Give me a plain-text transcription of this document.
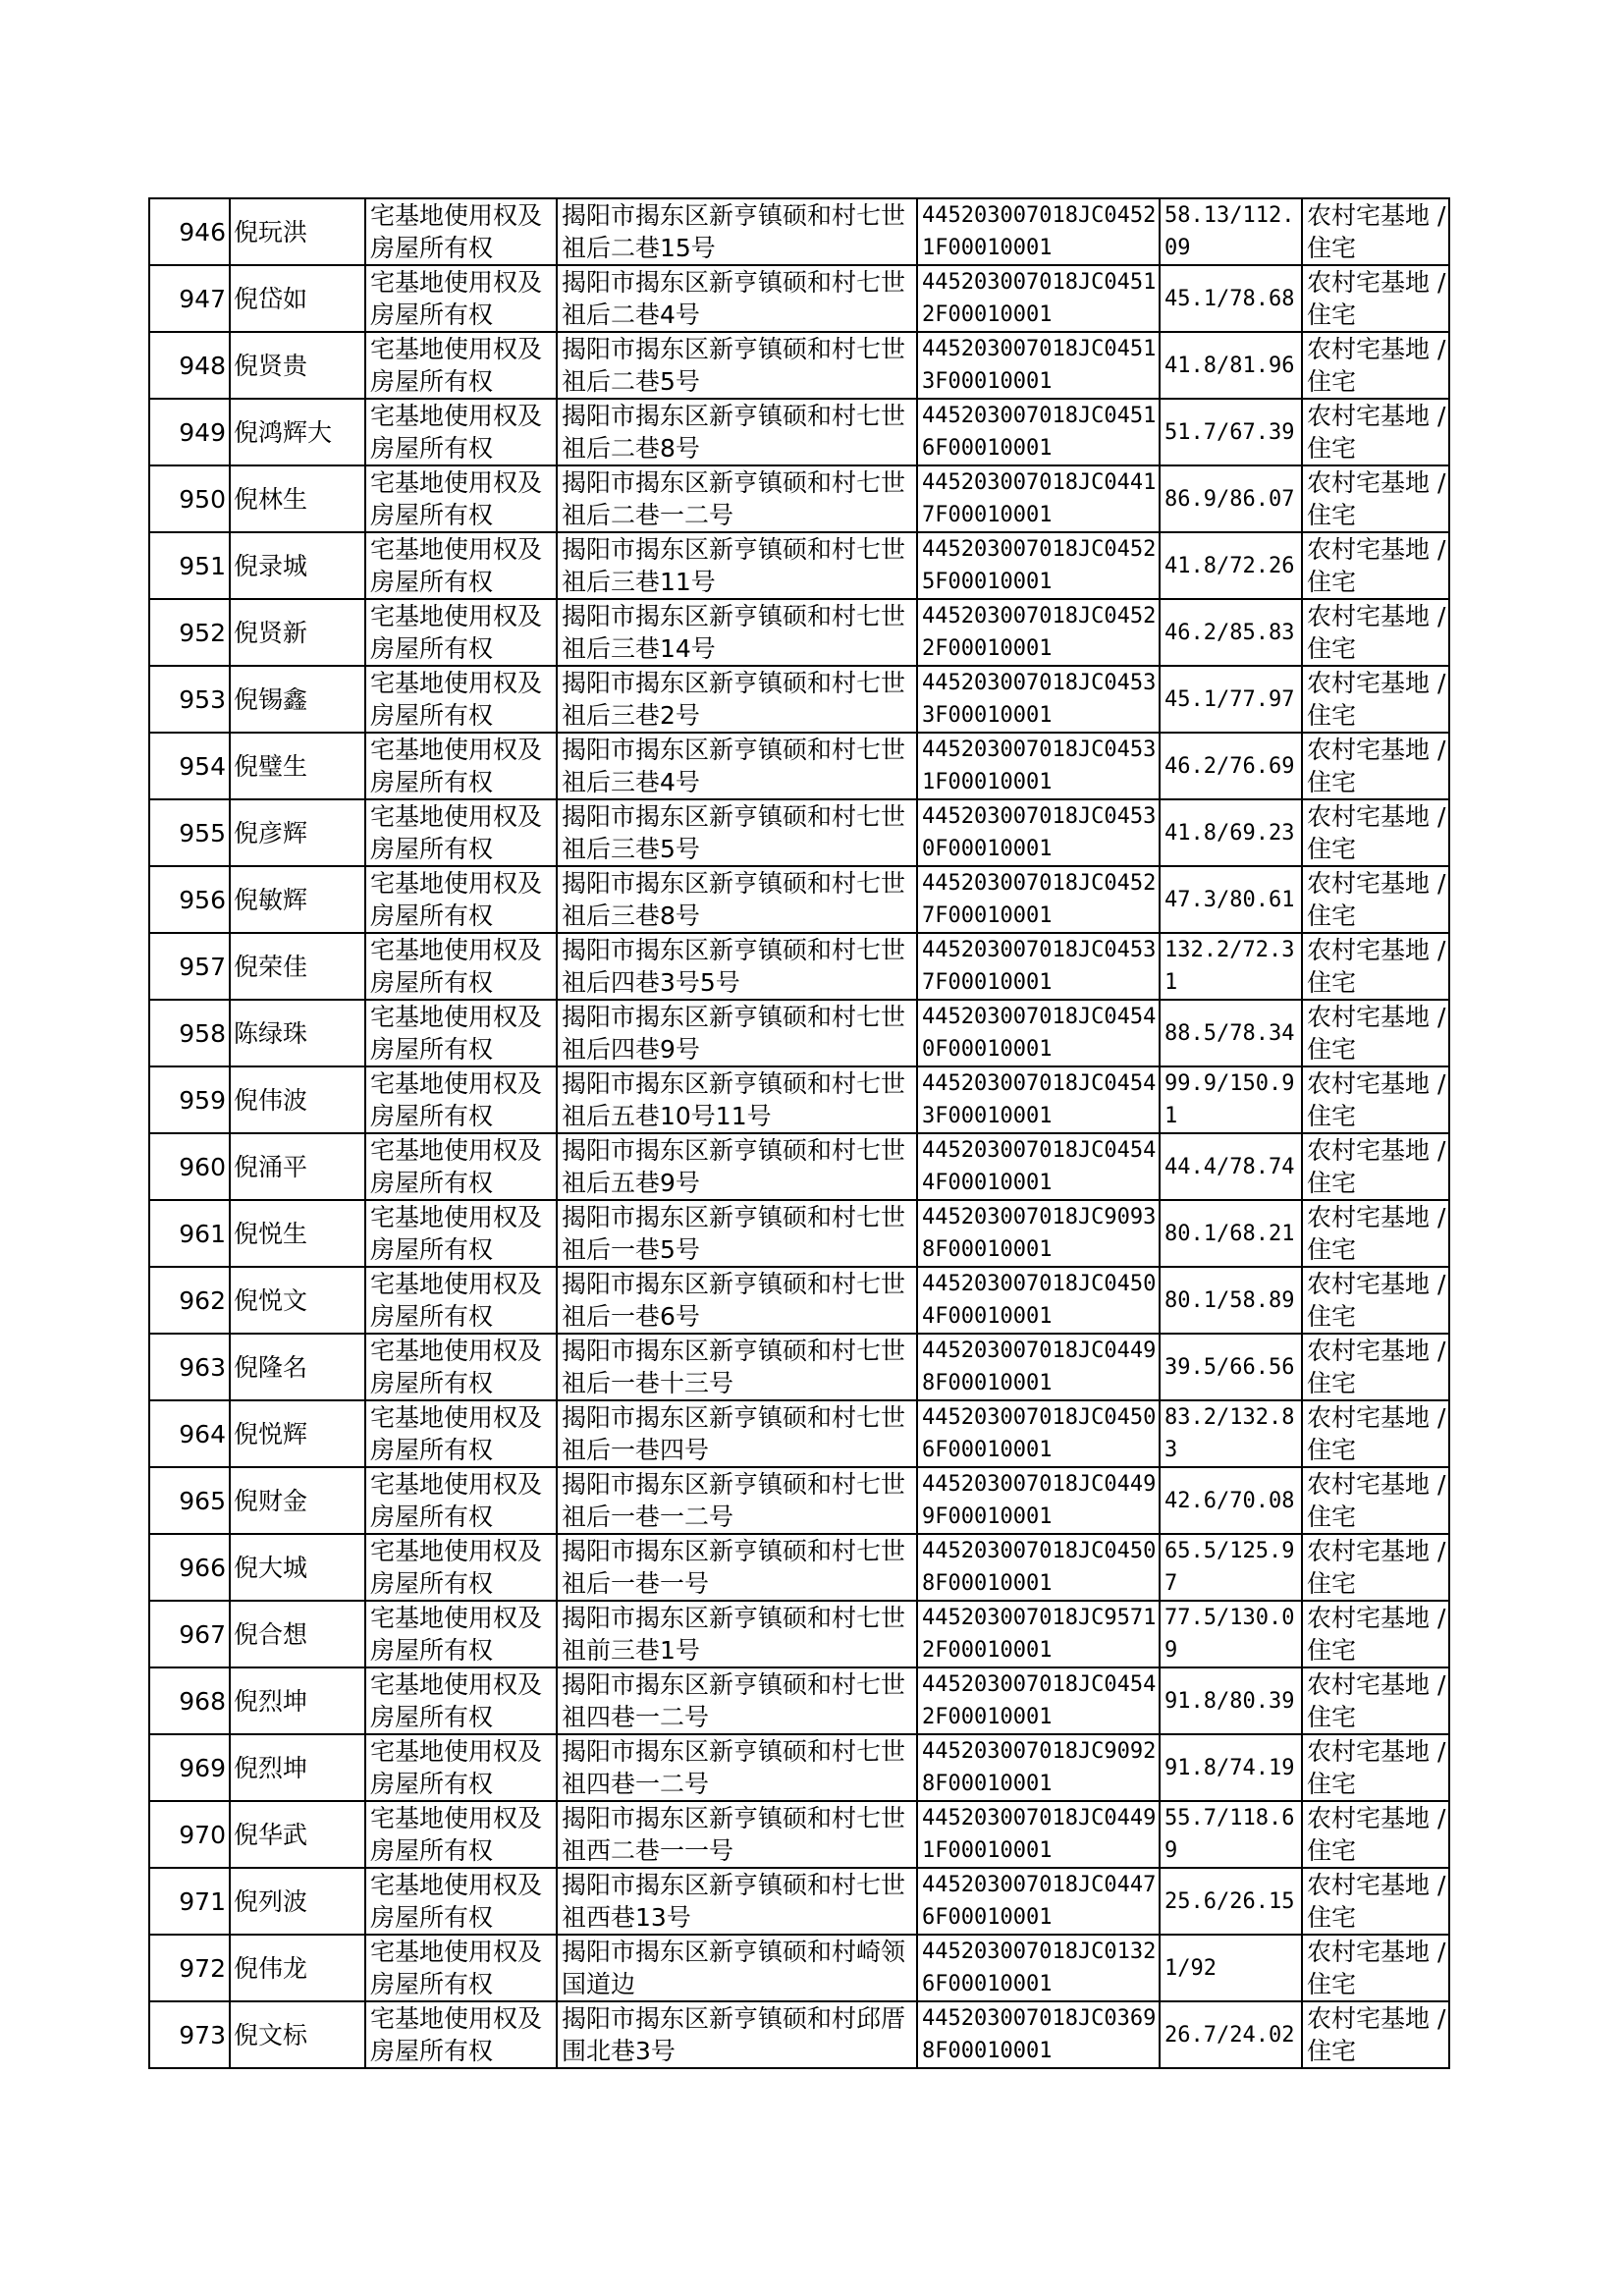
946	倪玩洪	宅基地使用权及房屋所有权	揭阳市揭东区新亨镇硕和村七世祖后二巷15号	445203007018JC04521F00010001	58.13/112.09	农村宅基地 / 住宅
947	倪岱如	宅基地使用权及房屋所有权	揭阳市揭东区新亨镇硕和村七世祖后二巷4号	445203007018JC04512F00010001	45.1/78.68	农村宅基地 / 住宅
948	倪贤贵	宅基地使用权及房屋所有权	揭阳市揭东区新亨镇硕和村七世祖后二巷5号	445203007018JC04513F00010001	41.8/81.96	农村宅基地 / 住宅
949	倪鸿辉大	宅基地使用权及房屋所有权	揭阳市揭东区新亨镇硕和村七世祖后二巷8号	445203007018JC04516F00010001	51.7/67.39	农村宅基地 / 住宅
950	倪林生	宅基地使用权及房屋所有权	揭阳市揭东区新亨镇硕和村七世祖后二巷一二号	445203007018JC04417F00010001	86.9/86.07	农村宅基地 / 住宅
951	倪录城	宅基地使用权及房屋所有权	揭阳市揭东区新亨镇硕和村七世祖后三巷11号	445203007018JC04525F00010001	41.8/72.26	农村宅基地 / 住宅
952	倪贤新	宅基地使用权及房屋所有权	揭阳市揭东区新亨镇硕和村七世祖后三巷14号	445203007018JC04522F00010001	46.2/85.83	农村宅基地 / 住宅
953	倪锡鑫	宅基地使用权及房屋所有权	揭阳市揭东区新亨镇硕和村七世祖后三巷2号	445203007018JC04533F00010001	45.1/77.97	农村宅基地 / 住宅
954	倪璧生	宅基地使用权及房屋所有权	揭阳市揭东区新亨镇硕和村七世祖后三巷4号	445203007018JC04531F00010001	46.2/76.69	农村宅基地 / 住宅
955	倪彦辉	宅基地使用权及房屋所有权	揭阳市揭东区新亨镇硕和村七世祖后三巷5号	445203007018JC04530F00010001	41.8/69.23	农村宅基地 / 住宅
956	倪敏辉	宅基地使用权及房屋所有权	揭阳市揭东区新亨镇硕和村七世祖后三巷8号	445203007018JC04527F00010001	47.3/80.61	农村宅基地 / 住宅
957	倪荣佳	宅基地使用权及房屋所有权	揭阳市揭东区新亨镇硕和村七世祖后四巷3号5号	445203007018JC04537F00010001	132.2/72.31	农村宅基地 / 住宅
958	陈绿珠	宅基地使用权及房屋所有权	揭阳市揭东区新亨镇硕和村七世祖后四巷9号	445203007018JC04540F00010001	88.5/78.34	农村宅基地 / 住宅
959	倪伟波	宅基地使用权及房屋所有权	揭阳市揭东区新亨镇硕和村七世祖后五巷10号11号	445203007018JC04543F00010001	99.9/150.91	农村宅基地 / 住宅
960	倪涌平	宅基地使用权及房屋所有权	揭阳市揭东区新亨镇硕和村七世祖后五巷9号	445203007018JC04544F00010001	44.4/78.74	农村宅基地 / 住宅
961	倪悦生	宅基地使用权及房屋所有权	揭阳市揭东区新亨镇硕和村七世祖后一巷5号	445203007018JC90938F00010001	80.1/68.21	农村宅基地 / 住宅
962	倪悦文	宅基地使用权及房屋所有权	揭阳市揭东区新亨镇硕和村七世祖后一巷6号	445203007018JC04504F00010001	80.1/58.89	农村宅基地 / 住宅
963	倪隆名	宅基地使用权及房屋所有权	揭阳市揭东区新亨镇硕和村七世祖后一巷十三号	445203007018JC04498F00010001	39.5/66.56	农村宅基地 / 住宅
964	倪悦辉	宅基地使用权及房屋所有权	揭阳市揭东区新亨镇硕和村七世祖后一巷四号	445203007018JC04506F00010001	83.2/132.83	农村宅基地 / 住宅
965	倪财金	宅基地使用权及房屋所有权	揭阳市揭东区新亨镇硕和村七世祖后一巷一二号	445203007018JC04499F00010001	42.6/70.08	农村宅基地 / 住宅
966	倪大城	宅基地使用权及房屋所有权	揭阳市揭东区新亨镇硕和村七世祖后一巷一号	445203007018JC04508F00010001	65.5/125.97	农村宅基地 / 住宅
967	倪合想	宅基地使用权及房屋所有权	揭阳市揭东区新亨镇硕和村七世祖前三巷1号	445203007018JC95712F00010001	77.5/130.09	农村宅基地 / 住宅
968	倪烈坤	宅基地使用权及房屋所有权	揭阳市揭东区新亨镇硕和村七世祖四巷一二号	445203007018JC04542F00010001	91.8/80.39	农村宅基地 / 住宅
969	倪烈坤	宅基地使用权及房屋所有权	揭阳市揭东区新亨镇硕和村七世祖四巷一二号	445203007018JC90928F00010001	91.8/74.19	农村宅基地 / 住宅
970	倪华武	宅基地使用权及房屋所有权	揭阳市揭东区新亨镇硕和村七世祖西二巷一一号	445203007018JC04491F00010001	55.7/118.69	农村宅基地 / 住宅
971	倪列波	宅基地使用权及房屋所有权	揭阳市揭东区新亨镇硕和村七世祖西巷13号	445203007018JC04476F00010001	25.6/26.15	农村宅基地 / 住宅
972	倪伟龙	宅基地使用权及房屋所有权	揭阳市揭东区新亨镇硕和村崎领国道边	445203007018JC01326F00010001	1/92	农村宅基地 / 住宅
973	倪文标	宅基地使用权及房屋所有权	揭阳市揭东区新亨镇硕和村邱厝围北巷3号	445203007018JC03698F00010001	26.7/24.02	农村宅基地 / 住宅
